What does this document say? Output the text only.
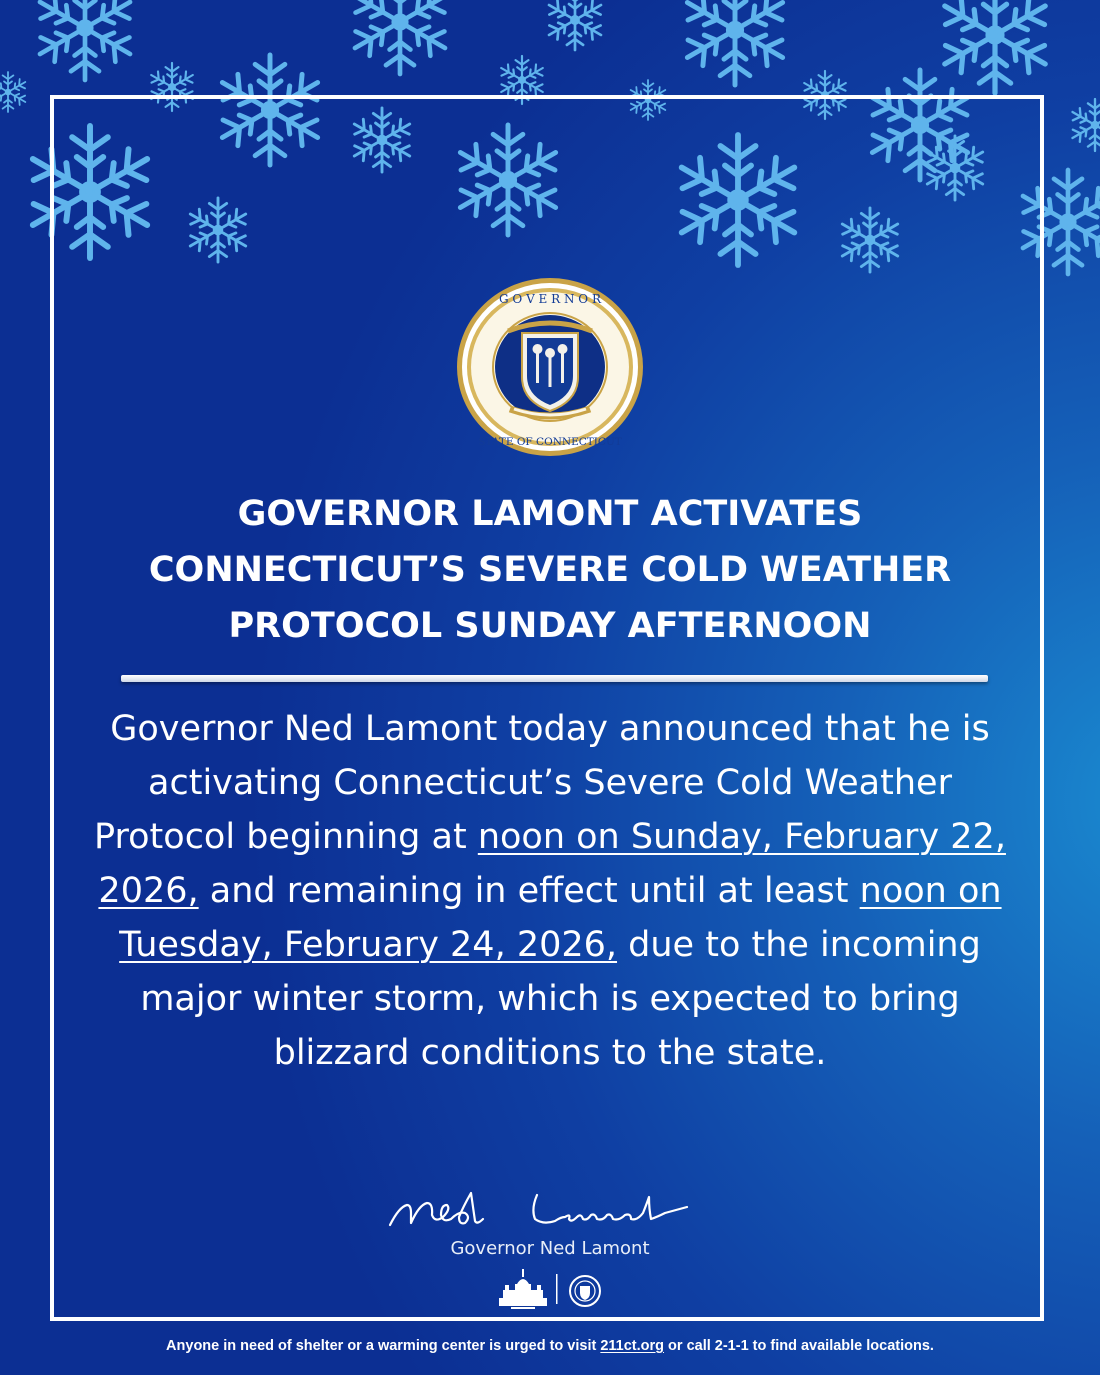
G O V E R N O R
STATE OF CONNECTICUT
GOVERNOR LAMONT ACTIVATES
CONNECTICUT’S SEVERE COLD WEATHER
PROTOCOL SUNDAY AFTERNOON

Governor Ned Lamont today announced that he is activating Connecticut’s Severe Cold Weather Protocol beginning at noon on Sunday, February 22, 2026, and remaining in effect until at least noon on Tuesday, February 24, 2026, due to the incoming major winter storm, which is expected to bring blizzard conditions to the state.

Governor Ned Lamont
Anyone in need of shelter or a warming center is urged to visit 211ct.org or call 2-1-1 to find available locations.
